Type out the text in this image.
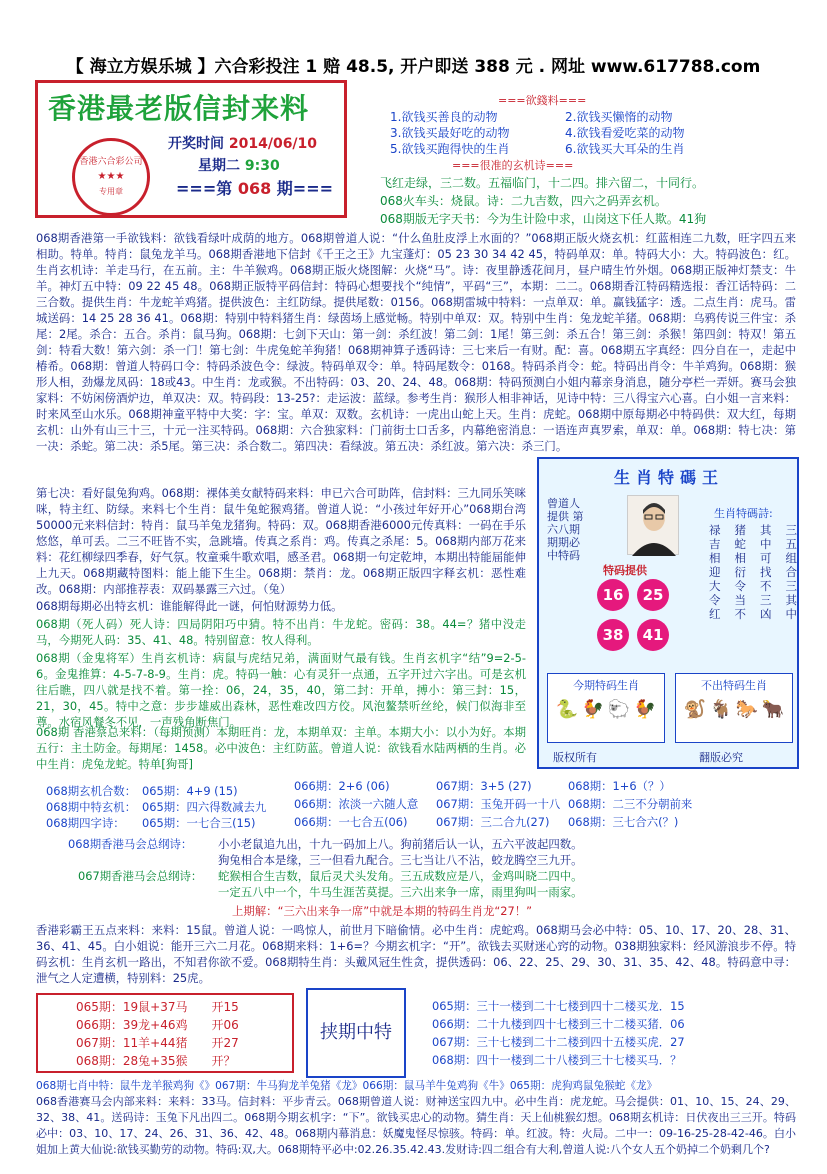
【 海立方娱乐城 】六合彩投注 1 赔 48.5, 开户即送 388 元 . 网址 www.617788.com
香港最老版信封来料
香港六合彩公司
★★★
专用章
开奖时间 2014/06/10
星期二 9:30
===第 068 期===
===欲錢料===
1.欲钱买善良的动物	2.欲钱买懒惰的动物
3.欲钱买最好吃的动物	4.欲钱看爱吃菜的动物
5.欲钱买跑得快的生肖	6.欲钱买大耳朵的生肖
===很准的玄机诗===
飞红走绿，三二数。五福临门，十二四。排六留二，十同行。
068火车头：烧鼠。诗：二九吉数，四六之码弄玄机。
068期版无字天书：今为生计险中求，山岗这下任人欺。41狗
068期香港第一手欲钱料：欲钱看绿叶成荫的地方。068期曾道人说：“什么鱼肚皮浮上水面的？”068期正版火烧玄机：红蓝相连二九数，旺字四五来相助。特单。特肖：鼠兔龙羊马。068期香港地下信封《千王之王》九宝蓬灯：05 23 30 34 42 45，特码单双：单。特码大小：大。特码波色：红。生肖玄机诗：羊走马行，在五前。主：牛羊猴鸡。068期正版火烧图解：火烧“马”。诗：夜里静透花间月，昼户晴生竹外烟。068期正版神灯禁支：牛羊。神灯五中特：09 22 45 48。068期正版特平码信封：特码心想要找个“纯情”，平码“三”，本期：二二。068期香江特码精选报：香江话特码：二三合数。提供生肖：牛龙蛇羊鸡猪。提供波色：主红防绿。提供尾数：0156。068期雷城中特料：一点单双：单。赢钱猛字：透。二点生肖：虎马。雷城送码：14 25 28 36 41。068期：特别中特料猪生肖：绿茵场上感觉畅。特别中单双：双。特别中生肖：兔龙蛇羊猪。068期：乌鸦传说三件宝：杀尾：2尾。杀合：五合。杀肖：鼠马狗。068期：七剑下天山：第一剑：杀红波！第二剑：1尾！第三剑：杀五合！第三剑：杀猴！第四剑：特双！第五剑：特看大数！第六剑：杀一门！第七剑：牛虎兔蛇羊狗猪！068期神算子透码诗：三七来后一有财。配：喜。068期五字真经：四分自在一，走起中椿希。068期：曾道人特码口令：特码杀波色令：绿波。特码单双令：单。特码尾数令：0168。特码杀肖令：蛇。特码出肖令：牛羊鸡狗。068期：猴形人相，劲爆龙凤码：18或43。中生肖：龙或猴。不出特码：03、20、24、48。068期：特码预测白小姐内幕亲身消息，随分亭栏一弄妍。赛马会独家料：不妨闲傍酒炉边，单双决：双。特码段：13-25?：走运波：蓝绿。参考生肖：猴形人相非神话，见诗中特：三八得宝六心喜。白小姐一言来料：时来风至山水乐。068期神童平特中大奖：字：宝。单双：双数。玄机诗：一虎出山蛇上天。生肖：虎蛇。068期中原每期必中特码供：双大红，每期玄机：山外有山三十三，十元一注买特码。068期：六合独家料：门前街士口舌多，内幕绝密消息：一语连声真罗索，单双：单。068期：特七决：第一决：杀蛇。第二决：杀5尾。第三决：杀合数二。第四决：看绿波。第五决：杀红波。第六决：杀三门。
第七决：看好鼠兔狗鸡。068期：裸体美女献特码来料：申已六合可助阵，信封料：三九同乐笑咪咪，特主红、防绿。来料七个生肖：鼠牛兔蛇猴鸡猪。曾道人说：“小孩过年好开心”068期台湾50000元来料信封：特肖：鼠马羊兔龙猪狗。特码：双。068期香港6000元传真料：一码在手乐悠悠，单可丢。二三不旺皆不实，急跳墙。传真之系肖：鸡。传真之杀尾：5。068期内部万花来料：花红柳绿四季春，好气氛。牧童乘牛歌欢唱，感圣君。068期一句定乾坤，本期出特能届能伸上九天。068期藏特图料：能上能下生尘。068期：禁肖：龙。068期正版四字释玄机：恶性难改。068期：内部推荐表：双码暴露三六过。（兔）
068期每期必出特玄机：谁能解得此一谜，何怕财源势力低。
068期（死人码）死人诗：四局阴阳巧中猜。特不出肖：牛龙蛇。密码：38。44=？猪中没走马，今期死人码：35、41、48。特别留意：牧人得利。
068期（金鬼将军）生肖玄机诗：病鼠与虎结兄弟，满面财气最有钱。生肖玄机字“结”9=2-5-6。金鬼推算：4-5-7-8-9。生肖：虎。特码一触：心有灵犴一点通，五字开过六字出。可是玄机往后瞧，四八就是找不着。第一拴：06，24，35，40，第二封：开单，搏小：第三封：15，21，30，45。特中之意：步步雄威出森林，恶性难改四方佼。风泡鳌禁听丝纶，候门似海非至尊。水宿风餐冬不见，一声残角断焦门。
068期 香港蔡总来料：（每期预测）本期旺肖：龙，本期单双：主单。本期大小：以小为好。本期五行：主土防金。每期尾：1458。必中波色：主红防蓝。曾道人说：欲钱看水陆两栖的生肖。必中生肖：虎兔龙蛇。特单[狗哥]
生肖特碼王
曾道人提供 第六八期 期期必中特码
特码提供
16	25
38	41
生肖特碼詩:
禄 猪 其 三
吉 蛇 中 五
相 相 可 组
迎 衍 找 合
大 令 不 三
令 当 三 其
红 不 凶 中
今期特码生肖
🐍 🐓 🐑 🐓
不出特码生肖
🐒 🐐 🐎 🐂
版权所有	翻版必究
068期玄机合数： 065期：4+9 (15)	066期：2+6 (06)	067期：3+5 (27)	068期：1+6（？）
068期中特玄机： 065期：四六得数减去九 066期：浓淡一六随人意 067期：玉兔开码一十八 068期：二三不分朝前来
068期四字诗： 065期：一七合三(15)	066期：一七合五(06)	067期：三二合九(27) 068期：三七合六(？)
068期香港马会总纲诗： 小小老鼠追九出，十九一码加上八。狗前猪后认一认，五六平波起四数。
狗兔相合本是缘，三一但看九配合。三七当让八不沾，蛟龙腾空三九开。
067期香港马会总纲诗： 蛇猴相合生吉数，鼠后灵犬头发角。三五成数应是八，金鸡叫晓二四中。
一定五八中一个，牛马生涯苦莫提。三六出来争一席，雨里狗叫一雨家。
上期解：“三六出来争一席”中就是本期的特码生肖龙“27！”
香港彩霸王五点来料：来料：15鼠。曾道人说：一鸣惊人，前世月下暗偷情。必中生肖：虎蛇鸡。068期马会必中特：05、10、17、20、28、31、36、41、45。白小姐说：能开三六二月花。068期来料：1+6=？今期玄机字：“开”。欲钱去买财迷心窍的动物。038期独家料：经风游浪步不停。特码玄机：生肖玄机一路出，不知君你欲不爱。068期特生肖：头戴风冠生性贪，提供透码：06、22、25、29、30、31、35、42、48。特码意中寻：泄气之人定遭横，特别料：25虎。
065期：19鼠+37马　　开15
066期：39龙+46鸡　　开06
067期：11羊+44猪　　开27
068期：28兔+35猴　　开？
挟期中特
065期：三十一楼到二十七楼到四十二楼买龙．15
066期：二十九楼到四十七楼到三十二楼买猪．06
067期：三十七楼到二十二楼到四十五楼买虎．27
068期：四十一楼到二十八楼到三十七楼买马．？
068期七肖中特：鼠牛龙羊猴鸡狗《》067期：牛马狗龙羊兔猪《龙》066期：鼠马羊牛兔鸡狗《牛》065期：虎狗鸡鼠兔猴蛇《龙》
068香港赛马会内部来料：来料：33马。信封料：平步青云。068期曾道人说：财神送宝四九中。必中生肖：虎龙蛇。马会提供：01、10、15、24、29、32、38、41。送码诗：玉兔下凡出四二。068期今期玄机字：“下”。欲钱买忠心的动物。猜生肖：天上仙桃猴幻想。068期玄机诗：日伏夜出三三开。特码必中：03、10、17、24、26、31、36、42、48。068期内幕消息：妖魔鬼怪尽惊骇。特码：单。红波。特：火局。二中一：09-16-25-28-42-46。白小姐加上黄大仙说:欲钱买勤劳的动物。特码:双,大。068期特平必中:02.26.35.42.43.发财诗:四二组合有大利,曾道人说:八个女人五个奶掉二个奶剩几个?
